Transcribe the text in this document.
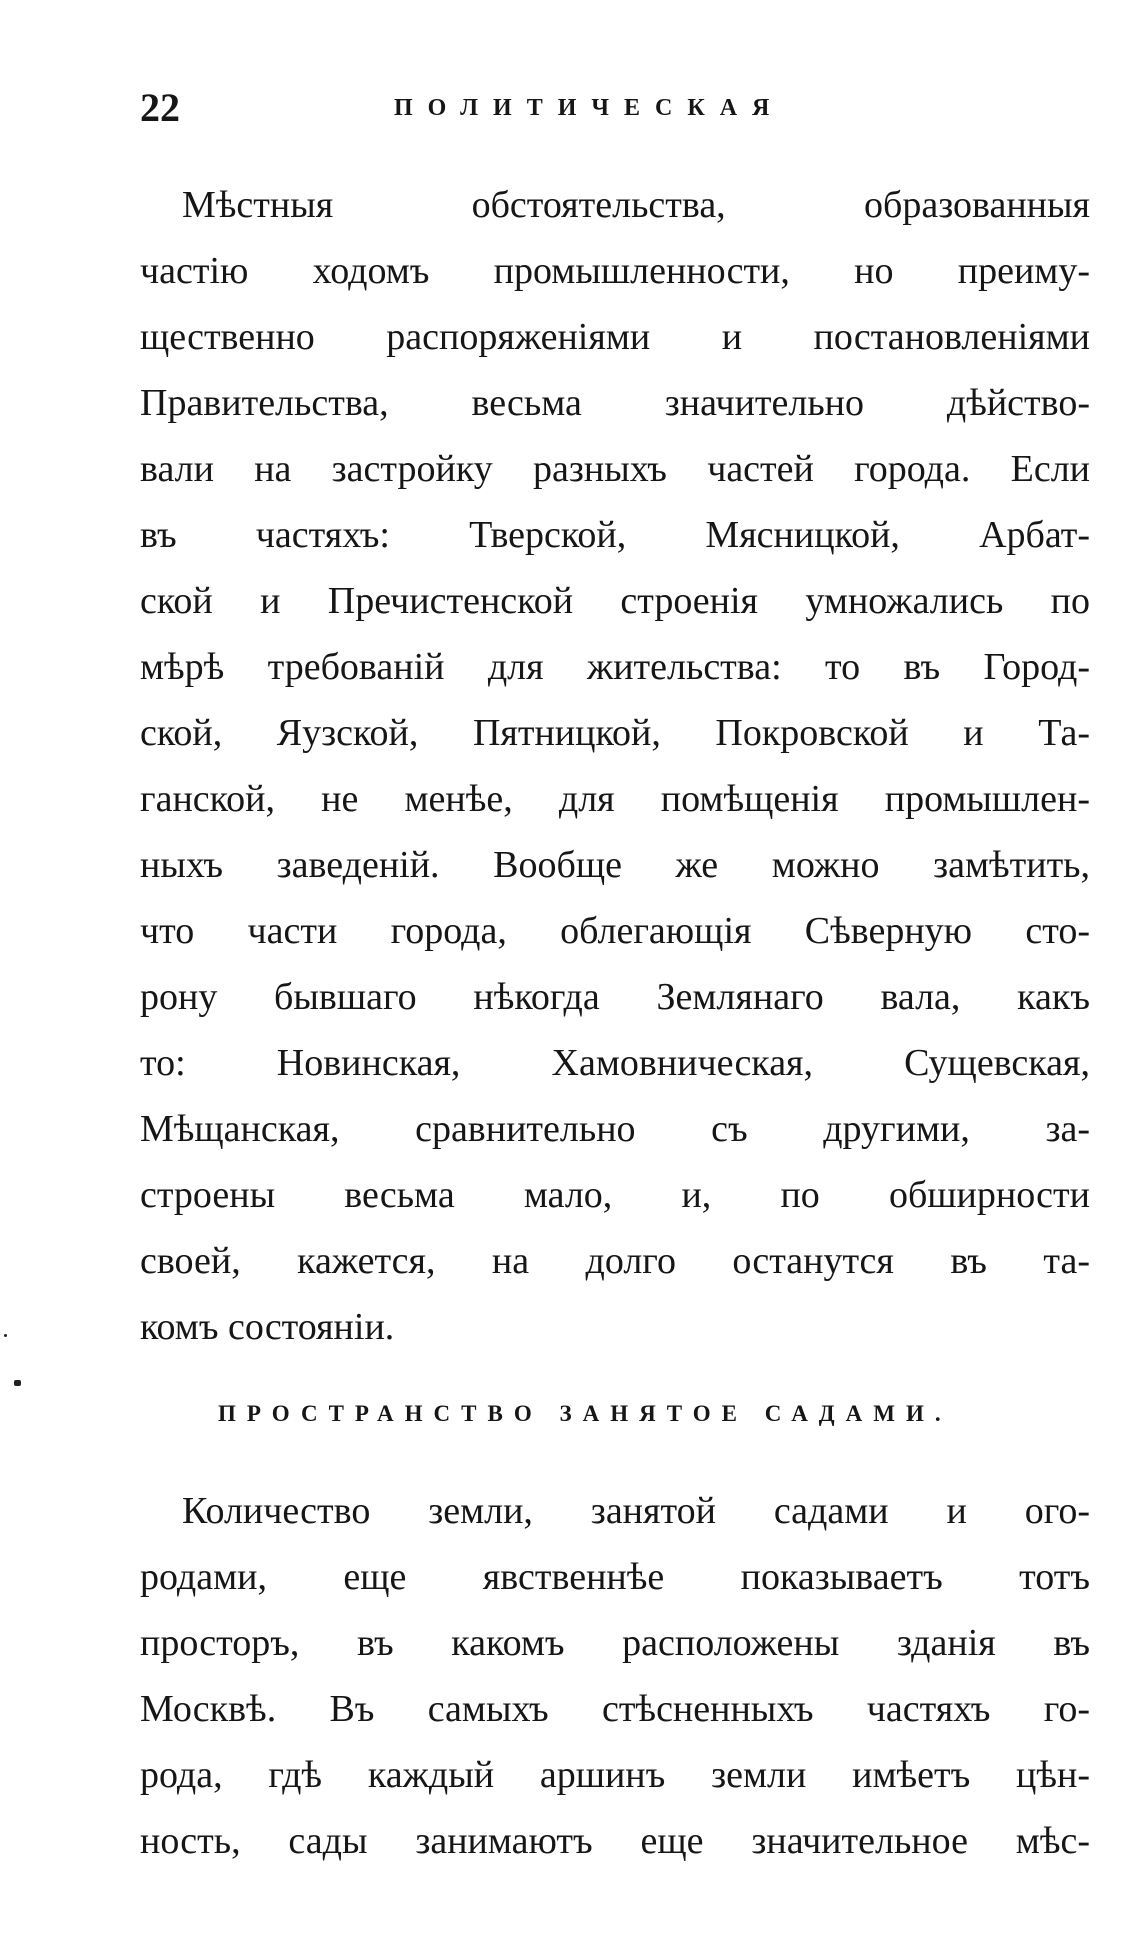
22	ПОЛИТИЧЕСКАЯ
Мѣстныя обстоятельства, образованныя
частію ходомъ промышленности, но преиму-
щественно распоряженіями и постановленіями
Правительства, весьма значительно дѣйство-
вали на застройку разныхъ частей города. Если
въ частяхъ: Тверской, Мясницкой, Арбат-
ской и Пречистенской строенія умножались по
мѣрѣ требованій для жительства: то въ Город-
ской, Яузской, Пятницкой, Покровской и Та-
ганской, не менѣе, для помѣщенія промышлен-
ныхъ заведеній. Вообще же можно замѣтить,
что части города, облегающія Сѣверную сто-
рону бывшаго нѣкогда Землянаго вала, какъ
то: Новинская, Хамовническая, Сущевская,
Мѣщанская, сравнительно съ другими, за-
строены весьма мало, и, по обширности
своей, кажется, на долго останутся въ та-
комъ состояніи.
ПРОСТРАНСТВО ЗАНЯТОЕ САДАМИ.
Количество земли, занятой садами и ого-
родами, еще явственнѣе показываетъ тотъ
просторъ, въ какомъ расположены зданія въ
Москвѣ. Въ самыхъ стѣсненныхъ частяхъ го-
рода, гдѣ каждый аршинъ земли имѣетъ цѣн-
ность, сады занимаютъ еще значительное мѣс-
